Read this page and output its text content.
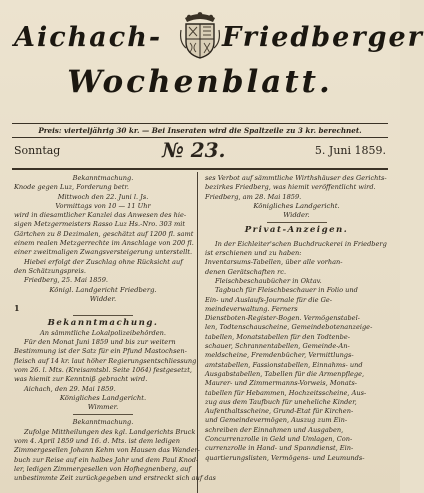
Aichach- Friedberger
Wochenblatt.
Preis: vierteljährig 30 kr. — Bei Inseraten wird die Spaltzeile zu 3 kr. berechnet.
Sonntag	№ 23.	5. Juni 1859.

Bekanntmachung.

Knode gegen Luz, Forderung betr.

Mittwoch den 22. Juni l. Js.

Vormittags von 10 — 11 Uhr

wird in diesamtlicher Kanzlei das Anwesen des hie-

sigen Metzgermeisters Rasso Luz Hs.-Nro. 303 mit

Gärtchen zu 8 Dezimalen, geschätzt auf 1200 fl. samt

einem realen Metzgerrechte im Anschlage von 200 fl.

einer zweitmaligen Zwangsversteigerung unterstellt.

Hiebei erfolgt der Zuschlag ohne Rücksicht auf

den Schätzungspreis.

Friedberg, 25. Mai 1859.

Königl. Landgericht Friedberg.

Widder.

1

Bekanntmachung.

An sämmtliche Lokalpolizeibehörden.

Für den Monat Juni 1859 und bis zur weitern

Bestimmung ist der Satz für ein Pfund Mastochsen-

fleisch auf 14 kr. laut höher Regierungsentschliessung

vom 26. l. Mts. (Kreisamtsbl. Seite 1064) festgesetzt,

was hiemit zur Kenntniß gebracht wird.

Aichach, den 29. Mai 1859.

Königliches Landgericht.

Wimmer.

Bekanntmachung.

Zufolge Mittheilungen des kgl. Landgerichts Bruck

vom 4. April 1859 und 16. d. Mts. ist dem ledigen

Zimmergesellen Johann Kehm von Hausen das Wander-

buch zur Reise auf ein halbes Jahr und dem Paul Knod-

ler, ledigen Zimmergesellen von Hofhegnenberg, auf

unbestimmte Zeit zurückgegeben und erstreckt sich auf das

ses Verbot auf sämmtliche Wirthshäuser des Gerichts-

bezirkes Friedberg, was hiemit veröffentlicht wird.

Friedberg, am 28. Mai 1859.

Königliches Landgericht.

Widder.

Privat-Anzeigen.

In der Eichleiter'schen Buchdruckerei in Friedberg

ist erschienen und zu haben:

Inventarsums-Tabellen, über alle vorhan-

denen Gerätschaften rc.

Fleischbeschaubücher in Oktav.

Tagbuch für Fleischbeschauer in Folio und

Ein- und Auslaufs-Journale für die Ge-

meindeverwaltung. Ferners

Dienstboten-Register-Bogen. Vermögenstabel-

len, Todtenschauscheine, Gemeindebotenanzeige-

tabellen, Monatstabellen für den Todtenbe-

schauer, Schrannentabellen, Gemeinde-An-

meldscheine, Fremdenbücher, Vermittlungs-

amtstabellen, Fassionstabellen, Einnahms- und

Ausgabstabellen, Tabellen für die Armenpflege,

Maurer- und Zimmermanns-Vorweis, Monats-

tabellen für Hebammen, Hochzeitsscheine, Aus-

zug aus dem Taufbuch für uneheliche Kinder,

Aufenthaltsscheine, Grund-Etat für Kirchen-

und Gemeindevermögen, Auszug zum Ein-

schreiben der Einnahmen und Ausgaben,

Concurrenzrolle in Geld und Umlagen, Con-

currenzrolle in Hand- und Spanndienst, Ein-

quartierungslisten, Vermögens- und Leumunds-
